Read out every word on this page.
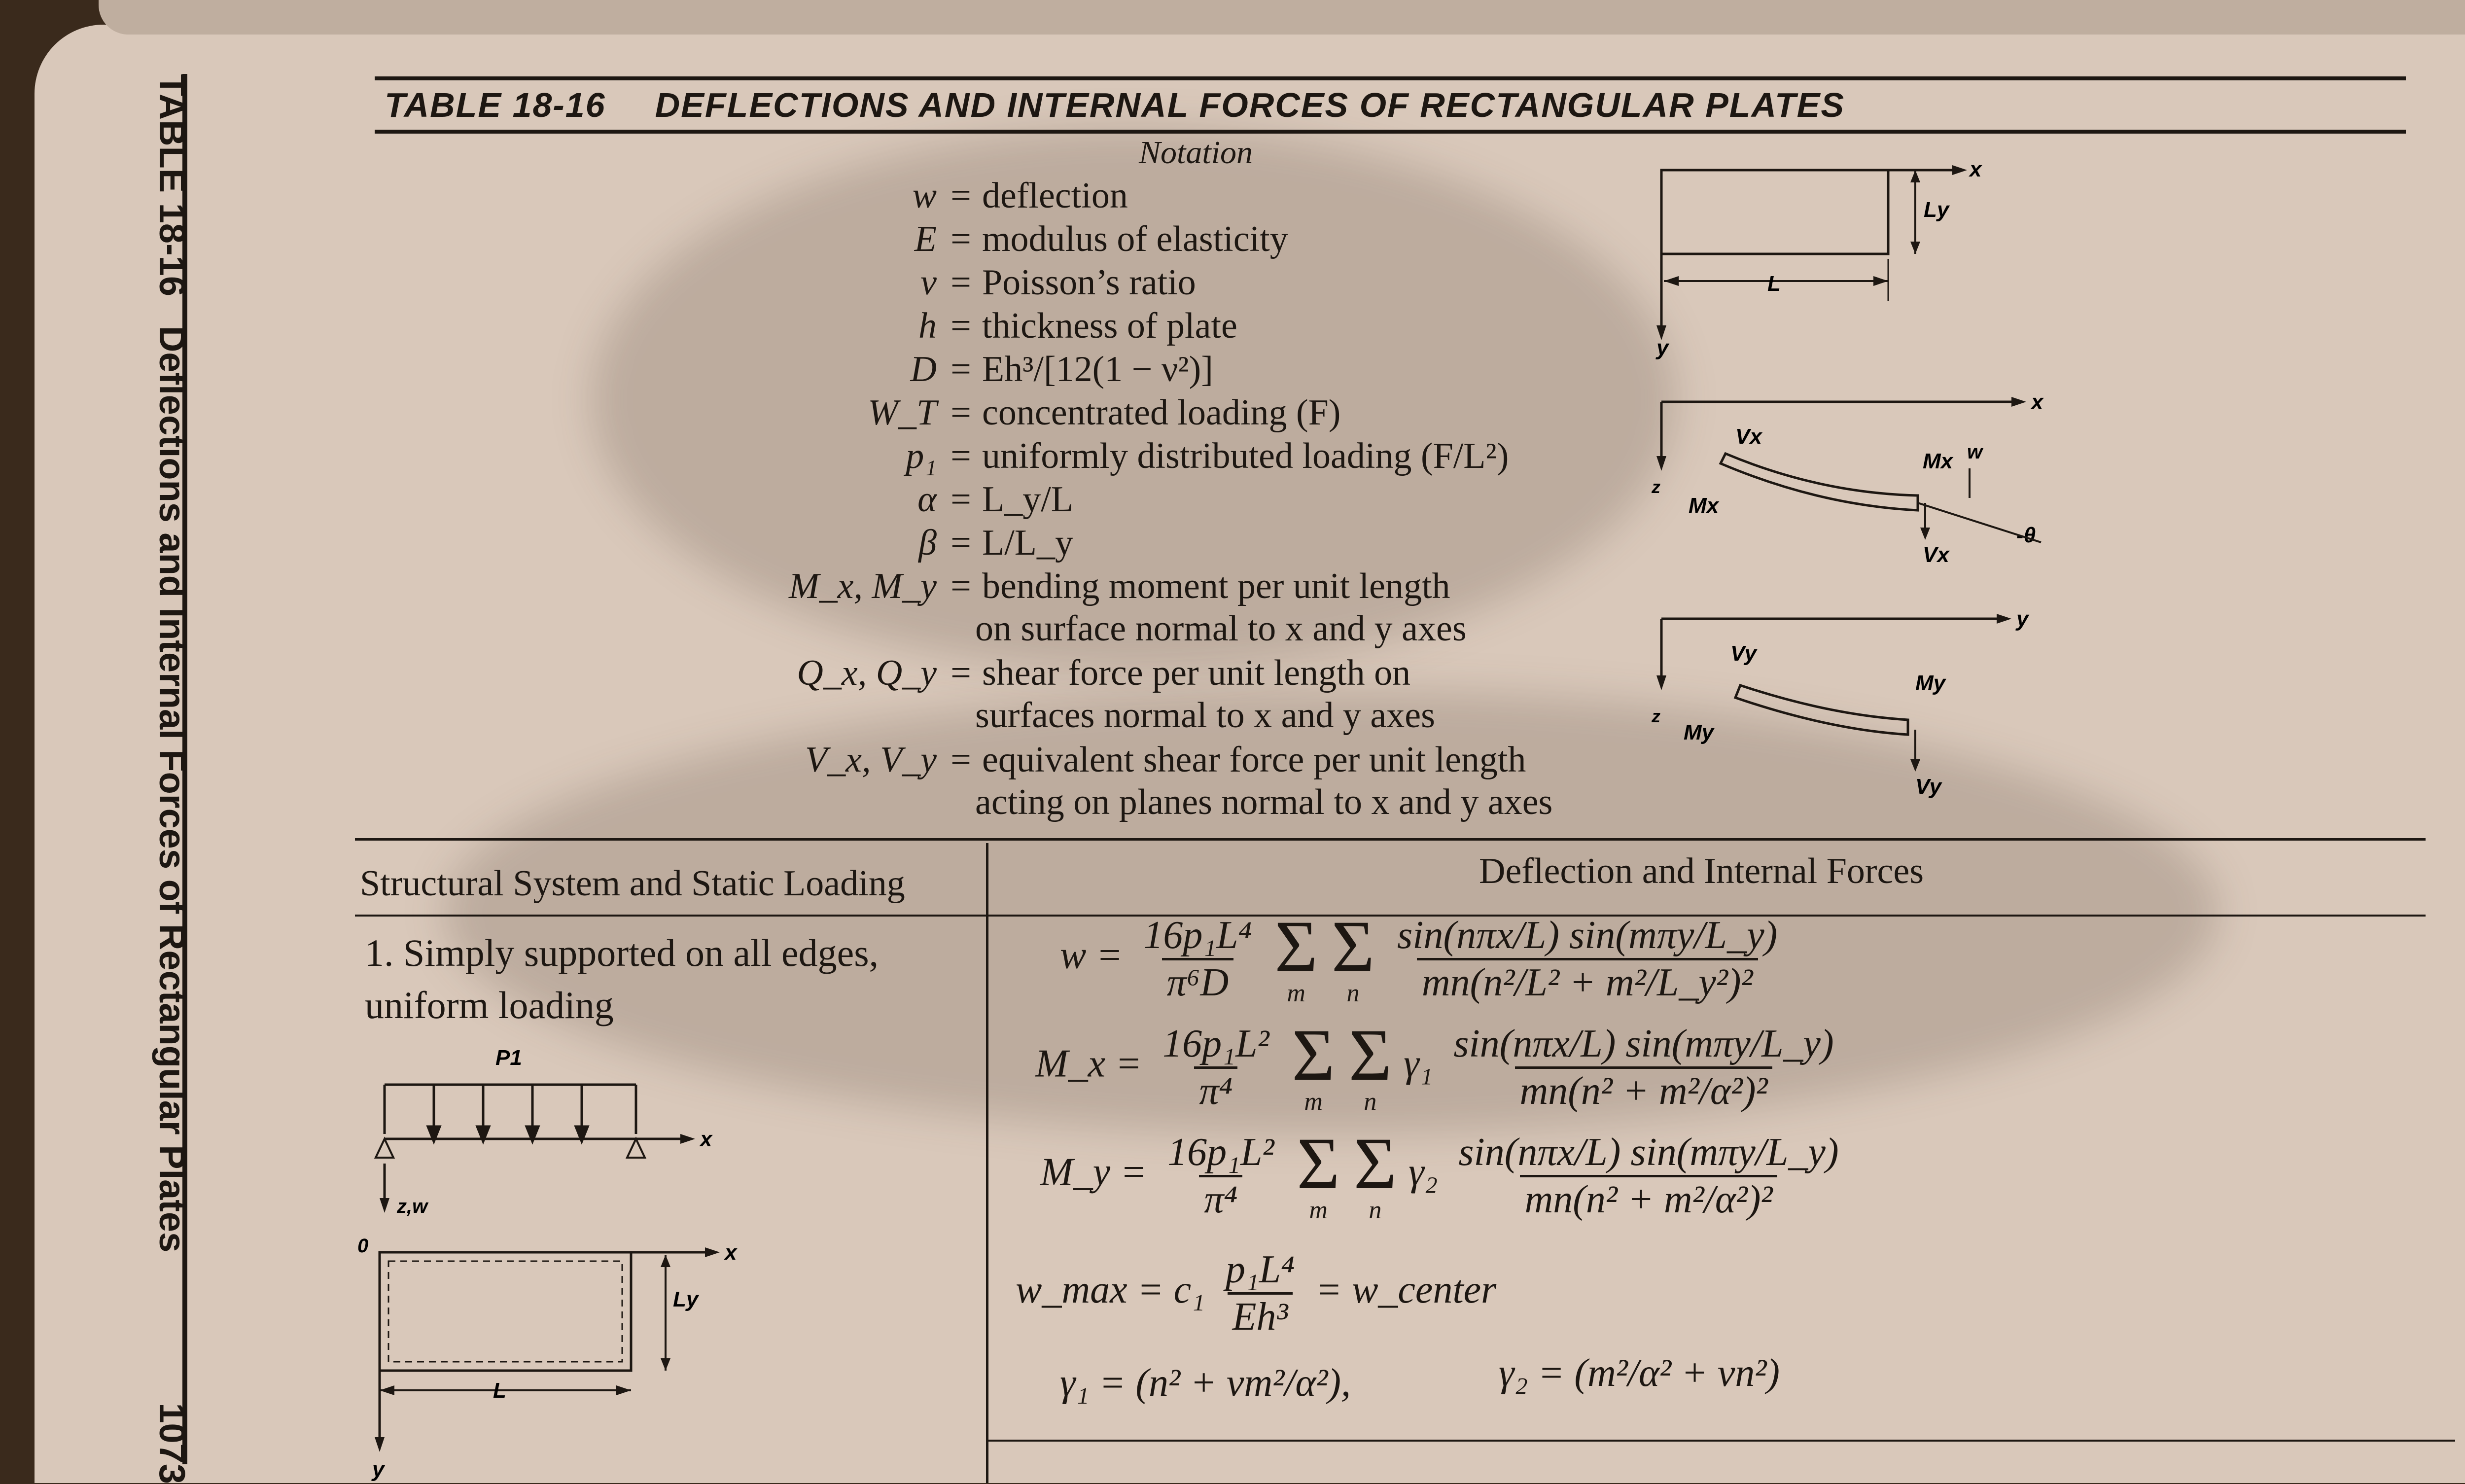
TABLE 18-16
Deflections and Internal Forces of Rectangular Plates
1073
TABLE 18-16 DEFLECTIONS AND INTERNAL FORCES OF RECTANGULAR PLATES
Notation
w = deflection
E = modulus of elasticity
ν = Poisson’s ratio
h = thickness of plate
D = Eh³/[12(1 − ν²)]
W_T = concentrated loading (F)
p₁ = uniformly distributed loading (F/L²)
α = L_y/L
β = L/L_y
M_x, M_y = bending moment per unit length
on surface normal to x and y axes
Q_x, Q_y = shear force per unit length on
surfaces normal to x and y axes
V_x, V_y = equivalent shear force per unit length
acting on planes normal to x and y axes
x
y
Ly
L
x
z
Vx
Mx
Mx w
Vx
-θ
y
z
Vy
My
My
Vy
Structural System and Static Loading	Deflection and Internal Forces
1. Simply supported on all edges,
uniform loading
P1
x
z,w
0	x
Ly
L
y
$w = \frac{\text{16p₁L⁴}}{\text{π⁶D}}$
Σ
m

Σ
n
$\frac{\text{sin(nπx/L) sin(mπy/L\_y)}}{\text{mn(n²/L² + m²/L\_y²)²}}$
M_x = $\frac{\text{16p₁L²}}{\text{π⁴}}$
Σ
m

Σ
n
$\gamma_1 \frac{\text{sin(nπx/L) sin(mπy/L\_y)}}{\text{mn(n² + m²/α²)²}}$
M_y = $\frac{\text{16p₁L²}}{\text{π⁴}}$
Σ
m

Σ
n
$\gamma_2 \frac{\text{sin(nπx/L) sin(mπy/L\_y)}}{\text{mn(n² + m²/α²)²}}$
w_max = $c_1 \frac{\text{p₁L⁴}}{\text{Eh³}}$ = w_center
γ₁ = (n² + νm²/α²),	γ₂ = (m²/α² + νn²)
